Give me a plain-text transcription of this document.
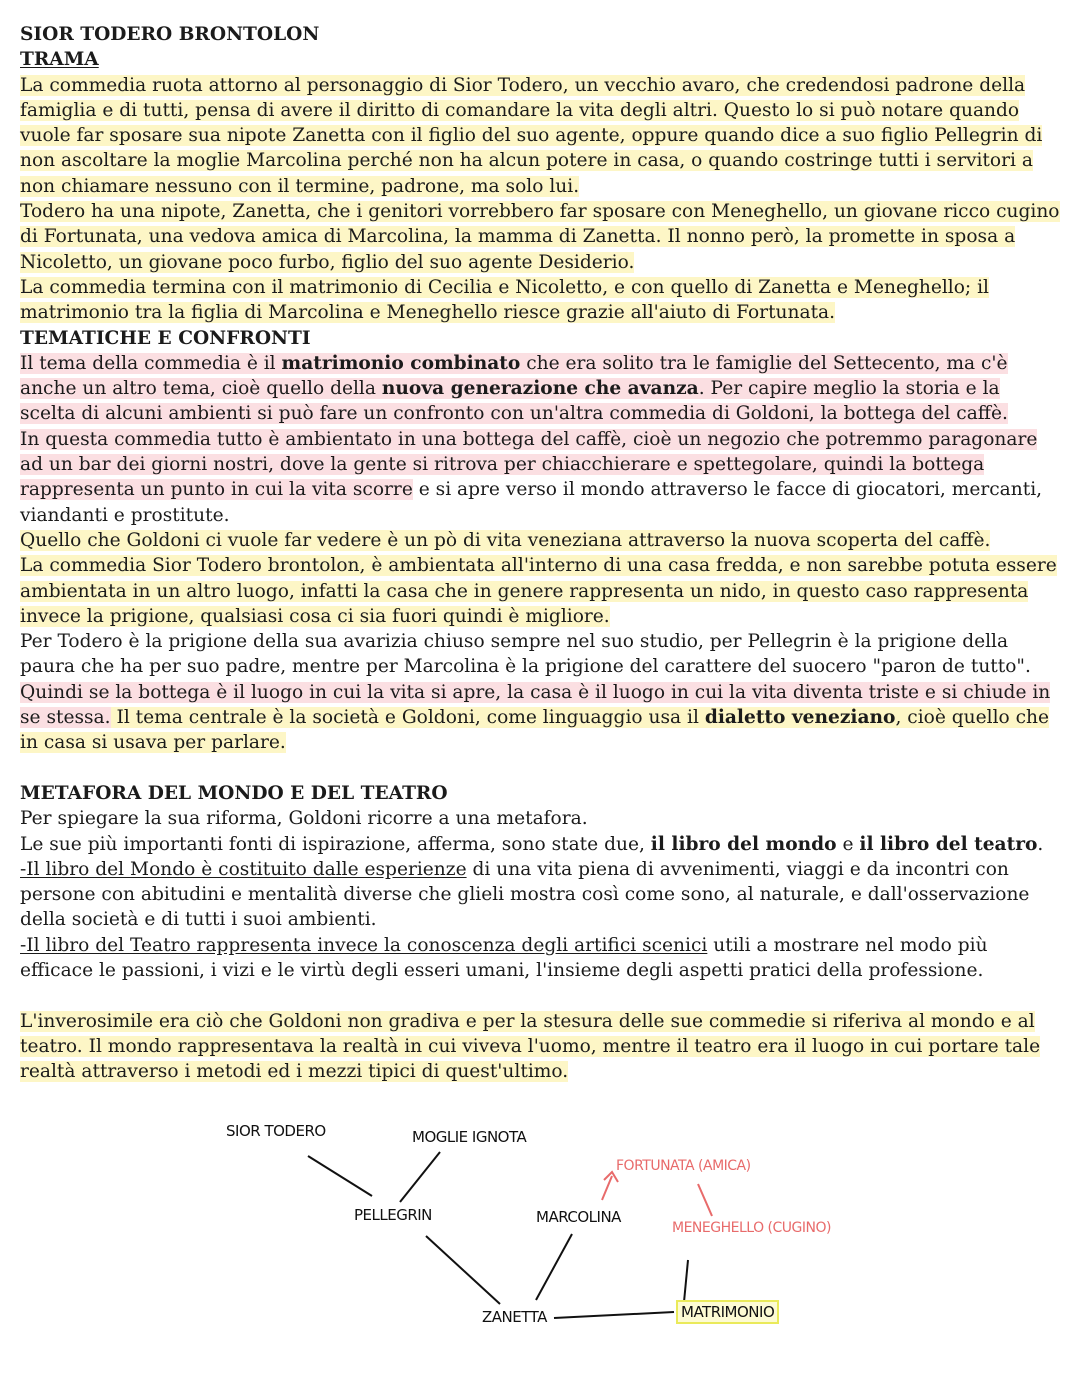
SIOR TODERO BRONTOLON
TRAMA

La commedia ruota attorno al personaggio di Sior Todero, un vecchio avaro, che credendosi padrone della famiglia e di tutti, pensa di avere il diritto di comandare la vita degli altri. Questo lo si può notare quando vuole far sposare sua nipote Zanetta con il figlio del suo agente, oppure quando dice a suo figlio Pellegrin di non ascoltare la moglie Marcolina perché non ha alcun potere in casa, o quando costringe tutti i servitori a non chiamare nessuno con il termine, padrone, ma solo lui.

Todero ha una nipote, Zanetta, che i genitori vorrebbero far sposare con Meneghello, un giovane ricco cugino di Fortunata, una vedova amica di Marcolina, la mamma di Zanetta. Il nonno però, la promette in sposa a Nicoletto, un giovane poco furbo, figlio del suo agente Desiderio.

La commedia termina con il matrimonio di Cecilia e Nicoletto, e con quello di Zanetta e Meneghello; il matrimonio tra la figlia di Marcolina e Meneghello riesce grazie all'aiuto di Fortunata.

TEMATICHE E CONFRONTI

Il tema della commedia è il matrimonio combinato che era solito tra le famiglie del Settecento, ma c'è anche un altro tema, cioè quello della nuova generazione che avanza. Per capire meglio la storia e la scelta di alcuni ambienti si può fare un confronto con un'altra commedia di Goldoni, la bottega del caffè.

In questa commedia tutto è ambientato in una bottega del caffè, cioè un negozio che potremmo paragonare ad un bar dei giorni nostri, dove la gente si ritrova per chiacchierare e spettegolare, quindi la bottega rappresenta un punto in cui la vita scorre e si apre verso il mondo attraverso le facce di giocatori, mercanti, viandanti e prostitute.

Quello che Goldoni ci vuole far vedere è un pò di vita veneziana attraverso la nuova scoperta del caffè.

La commedia Sior Todero brontolon, è ambientata all'interno di una casa fredda, e non sarebbe potuta essere ambientata in un altro luogo, infatti la casa che in genere rappresenta un nido, in questo caso rappresenta invece la prigione, qualsiasi cosa ci sia fuori quindi è migliore.

Per Todero è la prigione della sua avarizia chiuso sempre nel suo studio, per Pellegrin è la prigione della paura che ha per suo padre, mentre per Marcolina è la prigione del carattere del suocero "paron de tutto".

Quindi se la bottega è il luogo in cui la vita si apre, la casa è il luogo in cui la vita diventa triste e si chiude in se stessa. Il tema centrale è la società e Goldoni, come linguaggio usa il dialetto veneziano, cioè quello che in casa si usava per parlare.

METAFORA DEL MONDO E DEL TEATRO

Per spiegare la sua riforma, Goldoni ricorre a una metafora.

Le sue più importanti fonti di ispirazione, afferma, sono state due, il libro del mondo e il libro del teatro.

-Il libro del Mondo è costituito dalle esperienze di una vita piena di avvenimenti, viaggi e da incontri con persone con abitudini e mentalità diverse che glieli mostra così come sono, al naturale, e dall'osservazione della società e di tutti i suoi ambienti.

-Il libro del Teatro rappresenta invece la conoscenza degli artifici scenici utili a mostrare nel modo più efficace le passioni, i vizi e le virtù degli esseri umani, l'insieme degli aspetti pratici della professione.

L'inverosimile era ciò che Goldoni non gradiva e per la stesura delle sue commedie si riferiva al mondo e al teatro. Il mondo rappresentava la realtà in cui viveva l'uomo, mentre il teatro era il luogo in cui portare tale realtà attraverso i metodi ed i mezzi tipici di quest'ultimo.

SIOR TODERO	MOGLIE IGNOTA
PELLEGRIN	MARCOLINA
FORTUNATA (AMICA)
MENEGHELLO (CUGINO)
ZANETTA	MATRIMONIO
